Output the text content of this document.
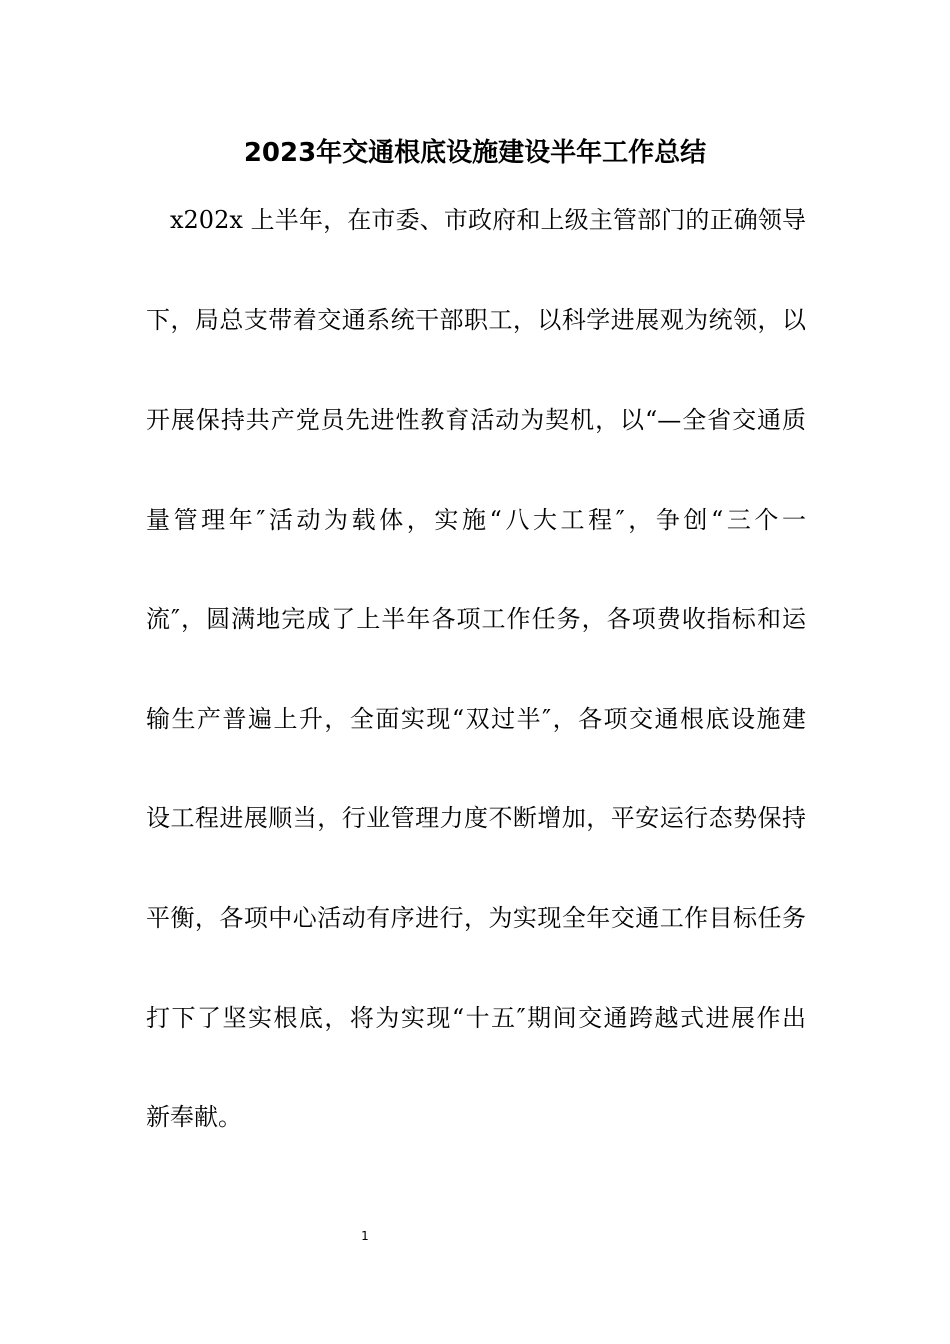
2023年交通根底设施建设半年工作总结

x202x 上半年，在市委、市政府和上级主管部门的正确领导

下，局总支带着交通系统干部职工，以科学进展观为统领，以

开展保持共产党员先进性教育活动为契机，以“—全省交通质

量管理年″活动为载体，实施“八大工程″，争创“三个一

流″，圆满地完成了上半年各项工作任务，各项费收指标和运

输生产普遍上升，全面实现“双过半″，各项交通根底设施建

设工程进展顺当，行业管理力度不断增加，平安运行态势保持

平衡，各项中心活动有序进行，为实现全年交通工作目标任务

打下了坚实根底，将为实现“十五″期间交通跨越式进展作出

新奉献。

1
